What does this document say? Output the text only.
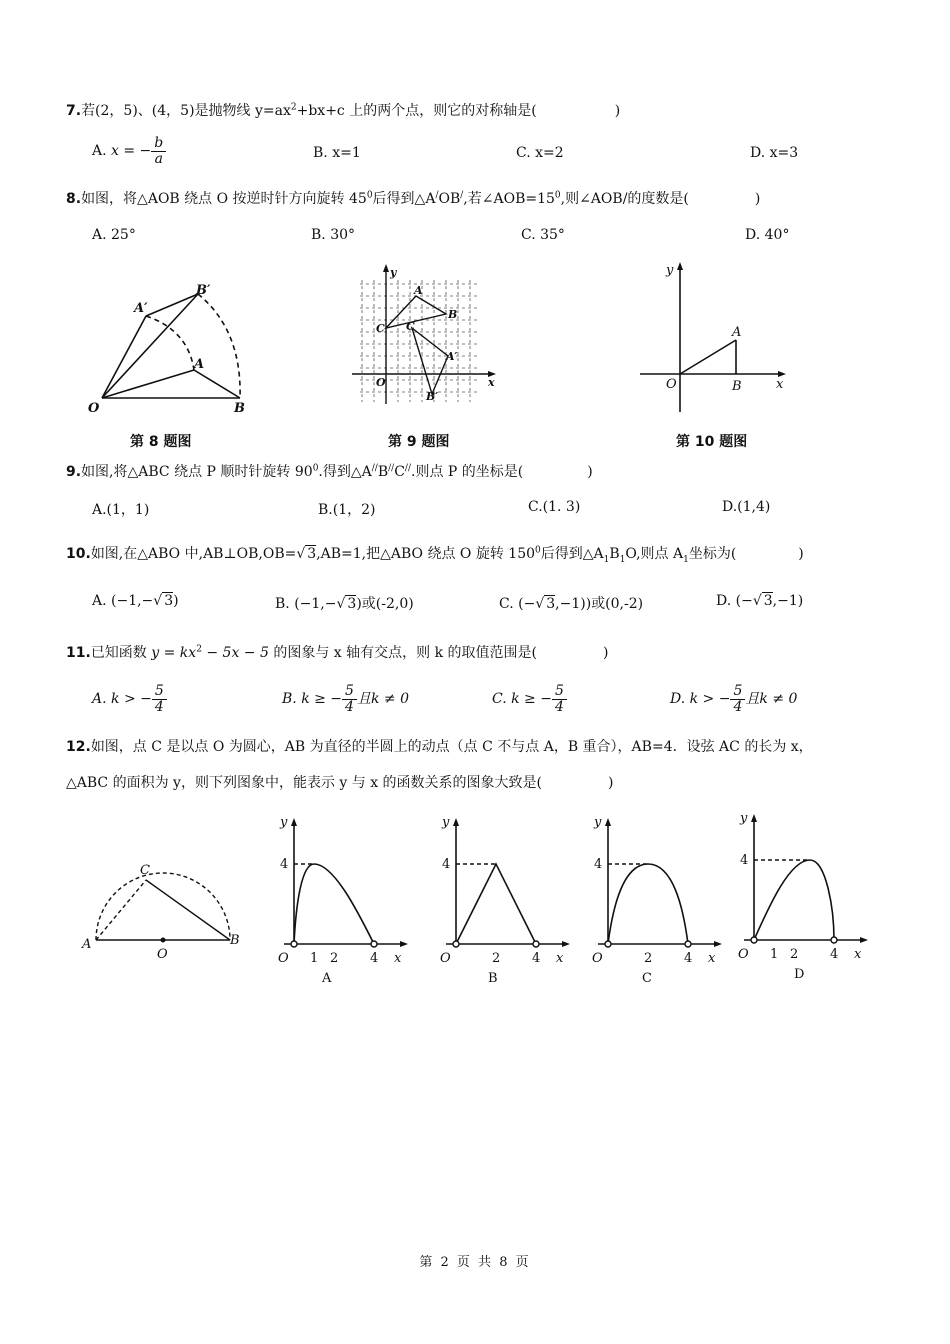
7.若(2，5)、(4，5)是抛物线 $y=ax^2+bx+c$ 上的两个点，则它的对称轴是(	)
A. x = − $\frac{b}{a}$	B. x=1	C. x=2	D. x=3
8.如图，将△AOB 绕点 O 按逆时针方向旋转 $45^0$后得到△A/OB/,若$\angle AOB=15^0$,则∠AOB/的度数是(	)
A. 25°	B. 30°	C. 35°	D. 40°
O
A
B
A′
B′
y
x
O
A
B
C C
A′
B′
y
x
O
A
B
第 8 题图	第 9 题图	第 10 题图
9.如图,将△ABC 绕点 P 顺时针旋转 $90^0$.得到△A//B//C//.则点 P 的坐标是(	)
A.(1，1)	B.(1，2)	C.(1. 3)	D.(1,4)
10.如图,在△ABO 中,AB⊥OB,OB=√ 3,AB=1,把△ABO 绕点 O 旋转 $150^0$后得到$\triangle A_1B_1O$,则点 $A_1$坐标为(	)
A. (−1,−√ 3)	B. (−1,−√ 3)或(-2,0)	C. (−√ 3,−1))或(0,-2)	D. (−√ 3,−1)
11.已知函数 $y = kx^2 - 5x - 5$ 的图象与 x 轴有交点，则 k 的取值范围是(	)
A. k > − $\frac{5}{4}$	B. k ≥ − $\frac{5}{4}$ 且k ≠ 0	C. k ≥ − $\frac{5}{4}$	D. k > − $\frac{5}{4}$ 且k ≠ 0
12.如图，点 C 是以点 O 为圆心，AB 为直径的半圆上的动点（点 C 不与点 A，B 重合），AB=4．设弦 AC 的长为 x，
△ABC 的面积为 y，则下列图象中，能表示 y 与 x 的函数关系的图象大致是(	)
A	B
C
O
y
4
O 1 2 4 x
A
y
4
O	2 4 x
B
y
4
O	2 4 x
C
y
4
O 1 2 4 x
D
第 2 页 共 8 页
